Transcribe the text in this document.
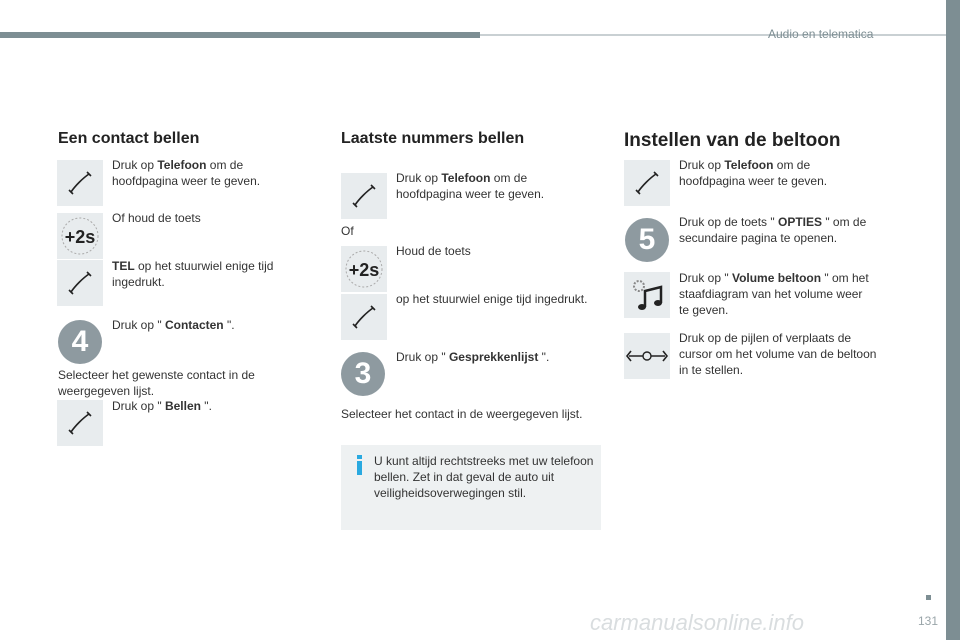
Audio en telematica
Een contact bellen
Druk op Telefoon om de hoofdpagina weer te geven.
+2s
Of houd de toets
TEL op het stuurwiel enige tijd ingedrukt.
4	Druk op " Contacten ".
Selecteer het gewenste contact in de weergegeven lijst.
Druk op " Bellen ".
Laatste nummers bellen
Druk op Telefoon om de hoofdpagina weer te geven.
Of
+2s
Houd de toets
op het stuurwiel enige tijd ingedrukt.
3	Druk op " Gesprekkenlijst ".
Selecteer het contact in de weergegeven lijst.
U kunt altijd rechtstreeks met uw telefoon bellen. Zet in dat geval de auto uit veiligheidsoverwegingen stil.
Instellen van de beltoon
Druk op Telefoon om de hoofdpagina weer te geven.
5
Druk op de toets " OPTIES " om de secundaire pagina te openen.
Druk op " Volume beltoon " om het staafdiagram van het volume weer te geven.
Druk op de pijlen of verplaats de cursor om het volume van de beltoon in te stellen.
carmanualsonline.info	131
